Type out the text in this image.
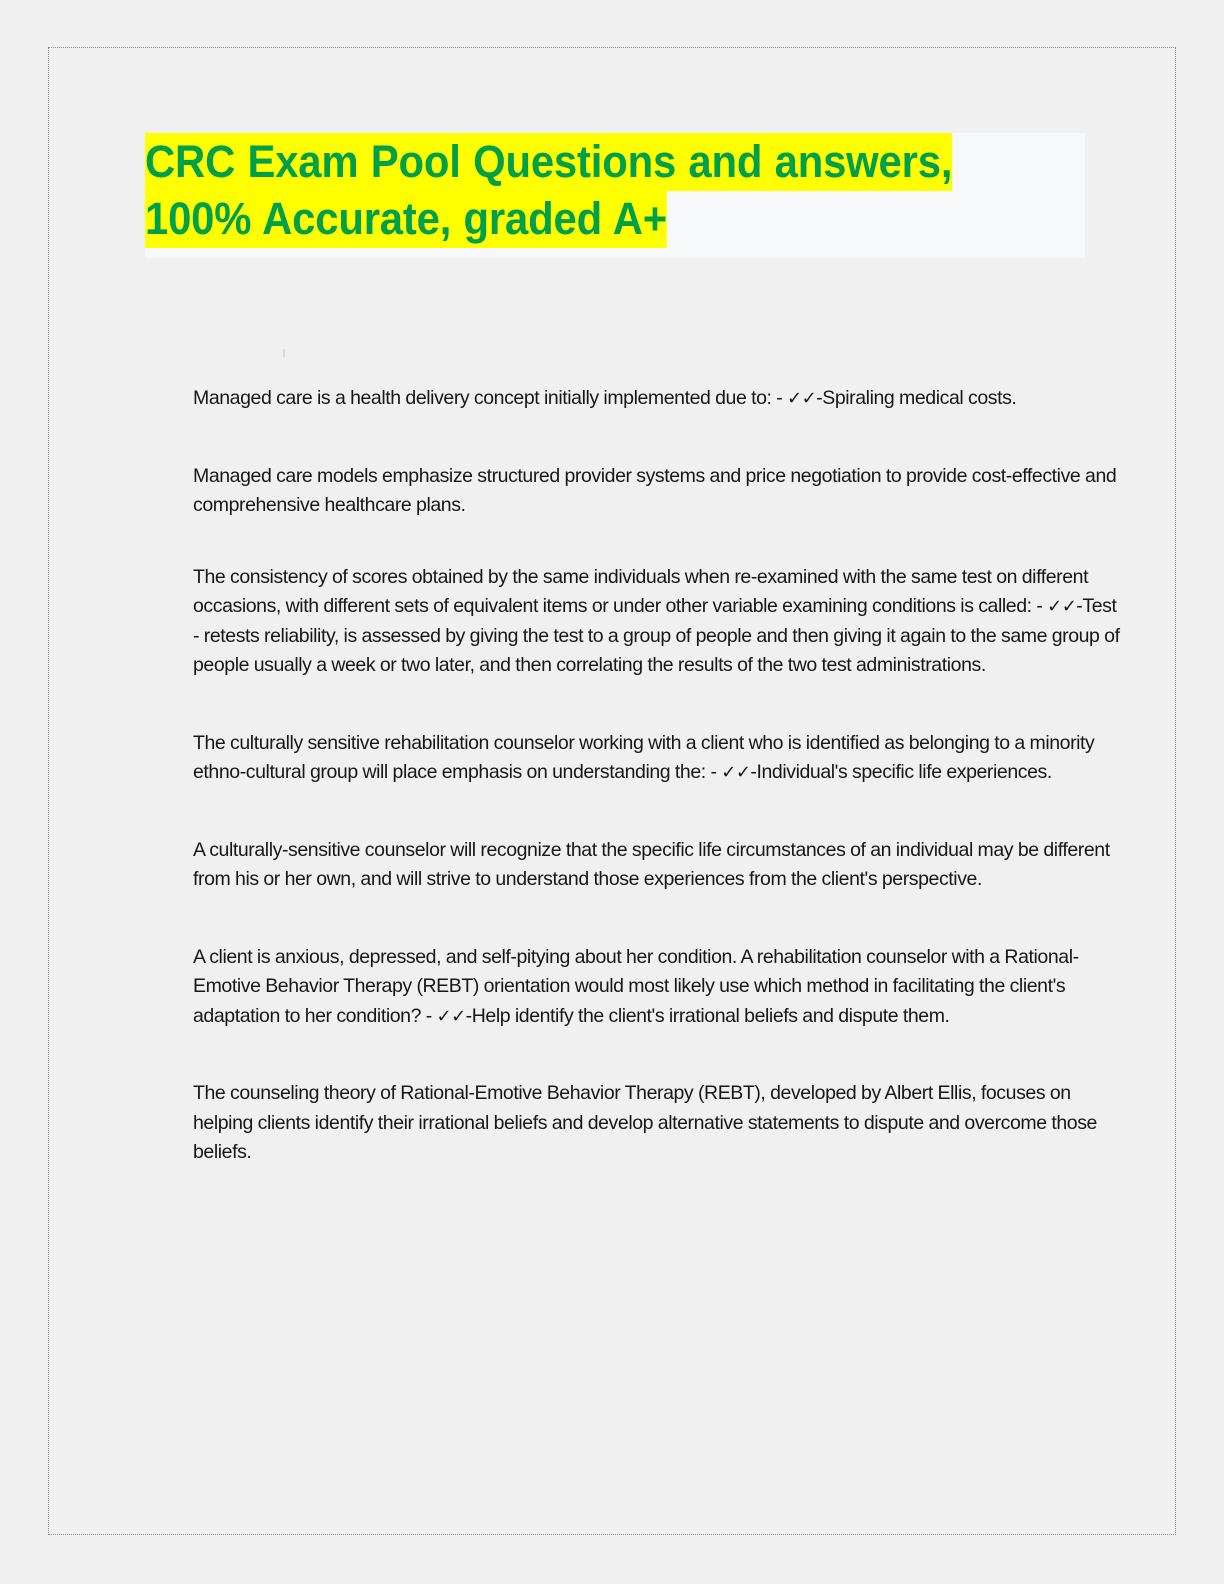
CRC Exam Pool Questions and answers,
100% Accurate, graded A+

Managed care is a health delivery concept initially implemented due to: - ✓✓-Spiraling medical costs.

Managed care models emphasize structured provider systems and price negotiation to provide cost-effective and comprehensive healthcare plans.

The consistency of scores obtained by the same individuals when re-examined with the same test on different occasions, with different sets of equivalent items or under other variable examining conditions is called: - ✓✓-Test - retests reliability, is assessed by giving the test to a group of people and then giving it again to the same group of people usually a week or two later, and then correlating the results of the two test administrations.

The culturally sensitive rehabilitation counselor working with a client who is identified as belonging to a minority ethno-cultural group will place emphasis on understanding the: - ✓✓-Individual's specific life experiences.

A culturally-sensitive counselor will recognize that the specific life circumstances of an individual may be different from his or her own, and will strive to understand those experiences from the client's perspective.

A client is anxious, depressed, and self-pitying about her condition. A rehabilitation counselor with a Rational-Emotive Behavior Therapy (REBT) orientation would most likely use which method in facilitating the client's adaptation to her condition? - ✓✓-Help identify the client's irrational beliefs and dispute them.

The counseling theory of Rational-Emotive Behavior Therapy (REBT), developed by Albert Ellis, focuses on helping clients identify their irrational beliefs and develop alternative statements to dispute and overcome those beliefs.
